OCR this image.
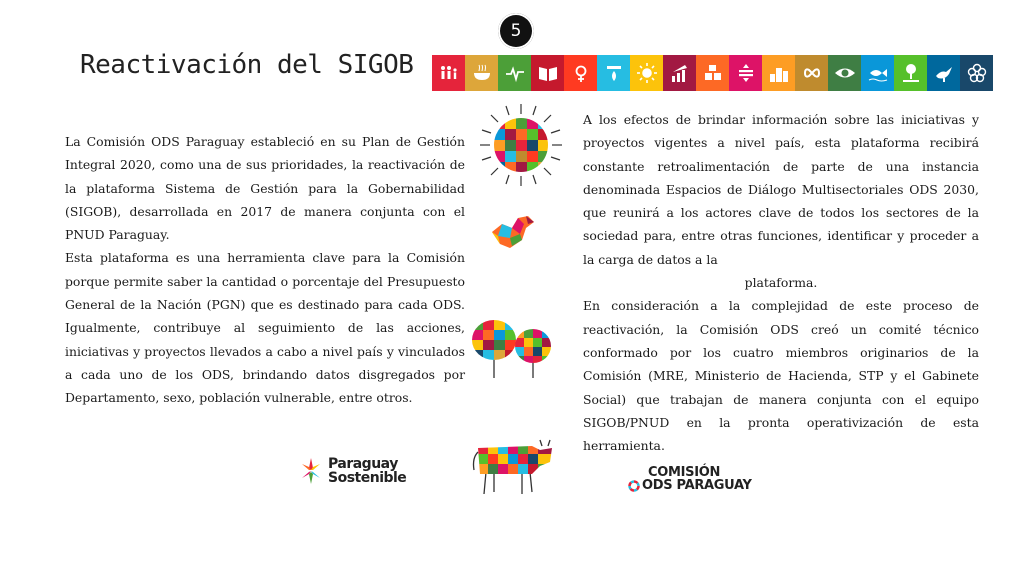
5
Reactivación del SIGOB

La Comisión ODS Paraguay estableció en su Plan de Gestión Integral 2020, como una de sus prioridades, la reactivación de la plataforma Sistema de Gestión para la Gobernabilidad (SIGOB), desarrollada en 2017 de manera conjunta con el PNUD Paraguay.

Esta plataforma es una herramienta clave para la Comisión porque permite saber la cantidad o porcentaje del Presupuesto General de la Nación (PGN) que es destinado para cada ODS. Igualmente, contribuye al seguimiento de las acciones, iniciativas y proyectos llevados a cabo a nivel país y vinculados a cada uno de los ODS, brindando datos disgregados por Departamento, sexo, población vulnerable, entre otros.

A los efectos de brindar información sobre las iniciativas y proyectos vigentes a nivel país, esta plataforma recibirá constante retroalimentación de parte de una instancia denominada Espacios de Diálogo Multisectoriales ODS 2030, que reunirá a los actores clave de todos los sectores de la sociedad para, entre otras funciones, identificar y proceder a la carga de datos a la

plataforma.

En consideración a la complejidad de este proceso de reactivación, la Comisión ODS creó un comité técnico conformado por los cuatro miembros originarios de la Comisión (MRE, Ministerio de Hacienda, STP y el Gabinete Social) que trabajan de manera conjunta con el equipo SIGOB/PNUD en la pronta operativización de esta herramienta.

Paraguay
Sostenible	COMISIÓN
ODS PARAGUAY
